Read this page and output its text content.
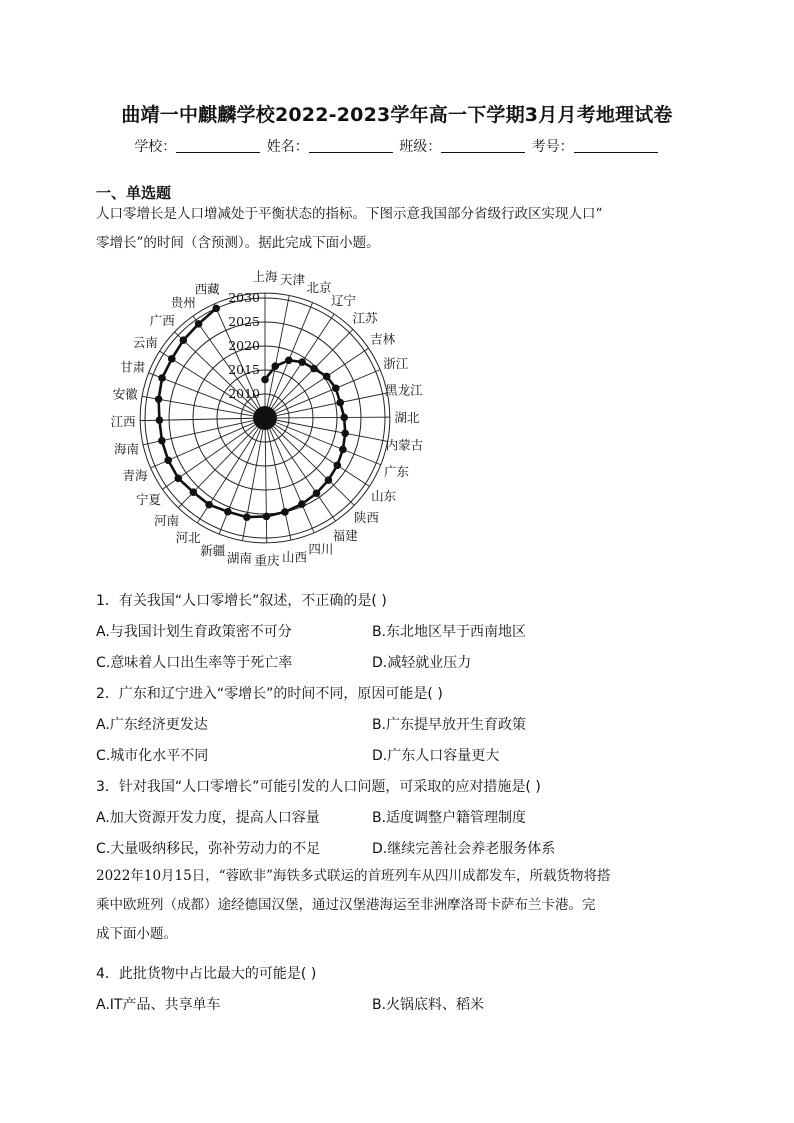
曲靖一中麒麟学校2022-2023学年高一下学期3月月考地理试卷
学校：	姓名：	班级：	考号：
一、单选题
人口零增长是人口增减处于平衡状态的指标。下图示意我国部分省级行政区实现人口“
零增长”的时间（含预测）。据此完成下面小题。
2010
2015
2020
2025
2030
上海 天津
北京
辽宁
江苏
吉林
浙江
黑龙江
湖北
内蒙古
广东
山东
陕西
福建
四川
山西
重庆
湖南
新疆
河北
河南
宁夏
青海
海南
江西
安徽
甘肃
云南
广西
贵州
西藏
1．有关我国“人口零增长”叙述，不正确的是( )
A.与我国计划生育政策密不可分	B.东北地区早于西南地区
C.意味着人口出生率等于死亡率	D.减轻就业压力
2．广东和辽宁进入“零增长”的时间不同，原因可能是( )
A.广东经济更发达	B.广东提早放开生育政策
C.城市化水平不同	D.广东人口容量更大
3．针对我国“人口零增长”可能引发的人口问题，可采取的应对措施是( )
A.加大资源开发力度，提高人口容量	B.适度调整户籍管理制度
C.大量吸纳移民，弥补劳动力的不足	D.继续完善社会养老服务体系
2022年10月15日，“蓉欧非”海铁多式联运的首班列车从四川成都发车，所载货物将搭
乘中欧班列（成都）途经德国汉堡，通过汉堡港海运至非洲摩洛哥卡萨布兰卡港。完
成下面小题。
4．此批货物中占比最大的可能是( )
A.IT产品、共享单车	B.火锅底料、稻米
